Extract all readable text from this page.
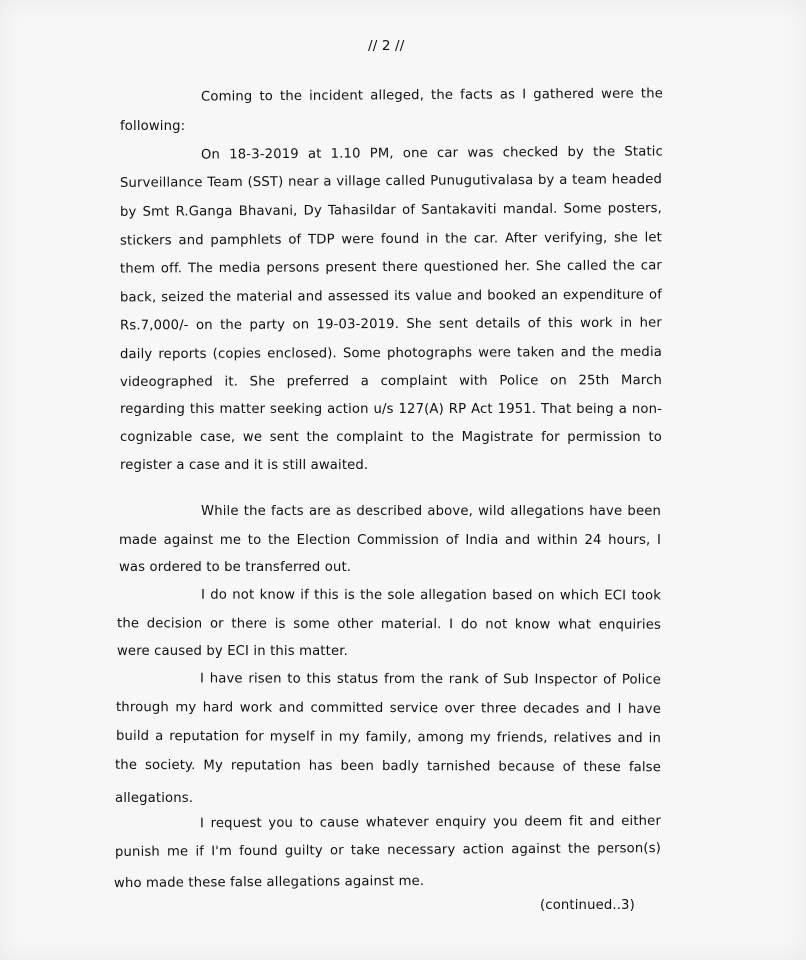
// 2 //
Coming to the incident alleged, the facts as I gathered were the
following:
On 18-3-2019 at 1.10 PM, one car was checked by the Static
Surveillance Team (SST) near a village called Punugutivalasa by a team headed
by Smt R.Ganga Bhavani, Dy Tahasildar of Santakaviti mandal. Some posters,
stickers and pamphlets of TDP were found in the car. After verifying, she let
them off. The media persons present there questioned her. She called the car
back, seized the material and assessed its value and booked an expenditure of
Rs.7,000/- on the party on 19-03-2019. She sent details of this work in her
daily reports (copies enclosed). Some photographs were taken and the media
videographed it. She preferred a complaint with Police on 25th March
regarding this matter seeking action u/s 127(A) RP Act 1951. That being a non-
cognizable case, we sent the complaint to the Magistrate for permission to
register a case and it is still awaited.
While the facts are as described above, wild allegations have been
made against me to the Election Commission of India and within 24 hours, I
was ordered to be transferred out.
I do not know if this is the sole allegation based on which ECI took
the decision or there is some other material. I do not know what enquiries
were caused by ECI in this matter.
I have risen to this status from the rank of Sub Inspector of Police
through my hard work and committed service over three decades and I have
build a reputation for myself in my family, among my friends, relatives and in
the society. My reputation has been badly tarnished because of these false
allegations.
I request you to cause whatever enquiry you deem fit and either
punish me if I'm found guilty or take necessary action against the person(s)
who made these false allegations against me.
(continued..3)
